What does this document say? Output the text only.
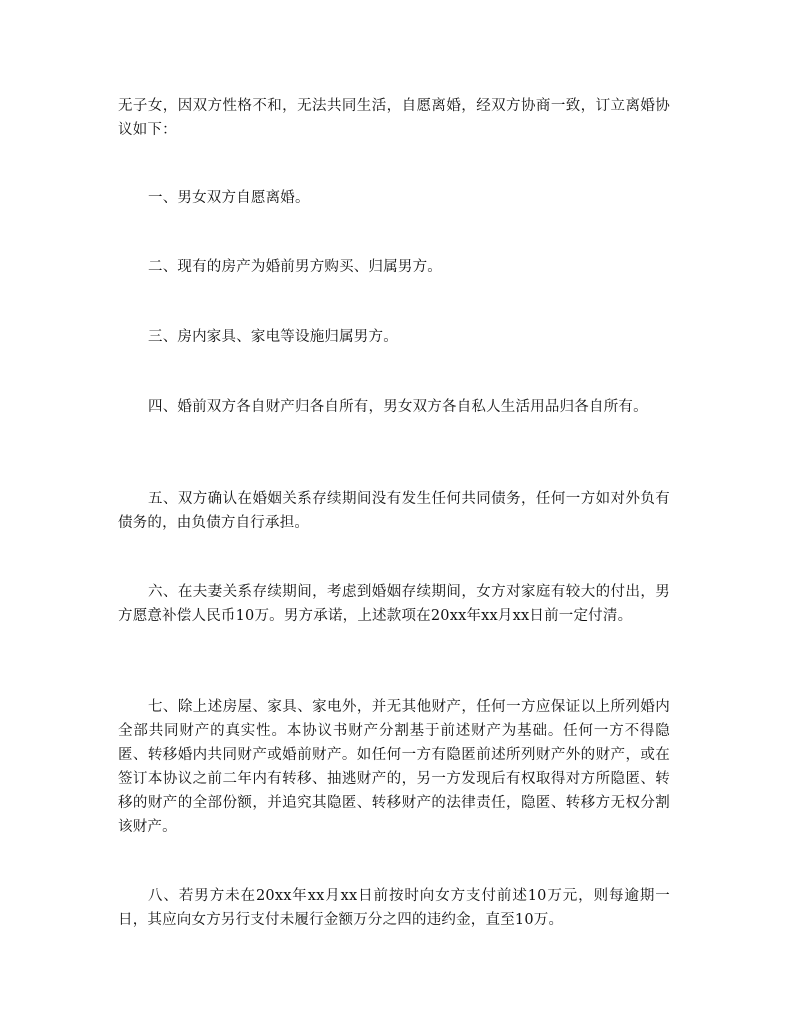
无子女，因双方性格不和，无法共同生活，自愿离婚，经双方协商一致，订立离婚协议如下：

一、男女双方自愿离婚。

二、现有的房产为婚前男方购买、归属男方。

三、房内家具、家电等设施归属男方。

四、婚前双方各自财产归各自所有，男女双方各自私人生活用品归各自所有。

五、双方确认在婚姻关系存续期间没有发生任何共同债务，任何一方如对外负有债务的，由负债方自行承担。

六、在夫妻关系存续期间，考虑到婚姻存续期间，女方对家庭有较大的付出，男方愿意补偿人民币10万。男方承诺，上述款项在20xx年xx月xx日前一定付清。

七、除上述房屋、家具、家电外，并无其他财产，任何一方应保证以上所列婚内全部共同财产的真实性。本协议书财产分割基于前述财产为基础。任何一方不得隐匿、转移婚内共同财产或婚前财产。如任何一方有隐匿前述所列财产外的财产，或在签订本协议之前二年内有转移、抽逃财产的，另一方发现后有权取得对方所隐匿、转移的财产的全部份额，并追究其隐匿、转移财产的法律责任，隐匿、转移方无权分割该财产。

八、若男方未在20xx年xx月xx日前按时向女方支付前述10万元，则每逾期一日，其应向女方另行支付未履行金额万分之四的违约金，直至10万。
